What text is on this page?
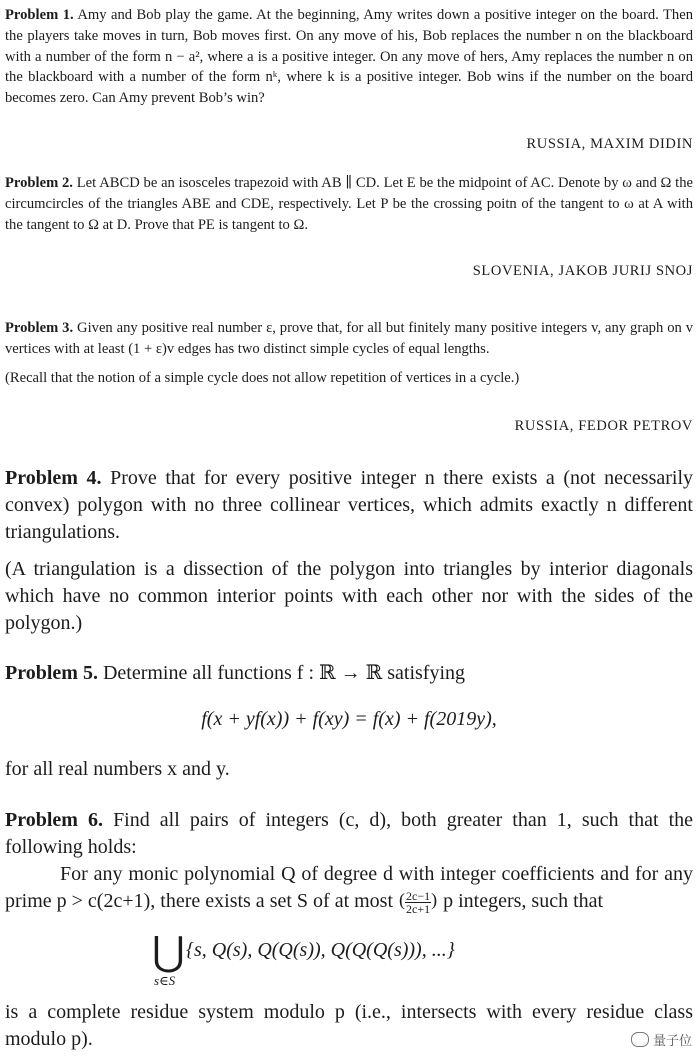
Problem 1. Amy and Bob play the game. At the beginning, Amy writes down a positive integer on the board. Then the players take moves in turn, Bob moves first. On any move of his, Bob replaces the number n on the blackboard with a number of the form n − a², where a is a positive integer. On any move of hers, Amy replaces the number n on the blackboard with a number of the form nᵏ, where k is a positive integer. Bob wins if the number on the board becomes zero. Can Amy prevent Bob’s win?

RUSSIA, MAXIM DIDIN

Problem 2. Let ABCD be an isosceles trapezoid with AB ∥ CD. Let E be the midpoint of AC. Denote by ω and Ω the circumcircles of the triangles ABE and CDE, respectively. Let P be the crossing poitn of the tangent to ω at A with the tangent to Ω at D. Prove that PE is tangent to Ω.

SLOVENIA, JAKOB JURIJ SNOJ

Problem 3. Given any positive real number ε, prove that, for all but finitely many positive integers v, any graph on v vertices with at least (1 + ε)v edges has two distinct simple cycles of equal lengths.

(Recall that the notion of a simple cycle does not allow repetition of vertices in a cycle.)

RUSSIA, FEDOR PETROV

Problem 4. Prove that for every positive integer n there exists a (not necessarily convex) polygon with no three collinear vertices, which admits exactly n different triangulations.

(A triangulation is a dissection of the polygon into triangles by interior diagonals which have no common interior points with each other nor with the sides of the polygon.)

Problem 5. Determine all functions f : ℝ → ℝ satisfying

f(x + yf(x)) + f(xy) = f(x) + f(2019y),

for all real numbers x and y.

Problem 6. Find all pairs of integers (c, d), both greater than 1, such that the following holds:

For any monic polynomial Q of degree d with integer coefficients and for any prime p > c(2c+1), there exists a set S of at most ( $\frac{2c-1}{2c+1}$ ) p integers, such that

⋃ {s, Q(s), Q(Q(s)), Q(Q(Q(s))), ...}
s∈S

is a complete residue system modulo p (i.e., intersects with every residue class modulo p).	量子位
